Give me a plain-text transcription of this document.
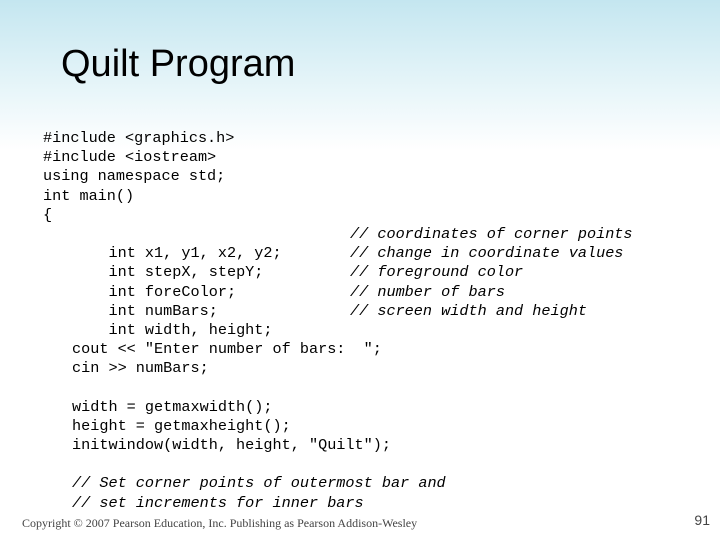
Quilt Program
#include <graphics.h>
#include <iostream>
using namespace std;
int main()
{

int x1, y1, x2, y2;

// coordinates of corner points

int stepX, stepY;

// change in coordinate values

int foreColor;

// foreground color

int numBars;

// number of bars

int width, height;

// screen width and height

cout << "Enter number of bars:  ";
cin >> numBars;
width = getmaxwidth();
height = getmaxheight();
initwindow(width, height, "Quilt");
// Set corner points of outermost bar and
// set increments for inner bars
Copyright © 2007 Pearson Education, Inc. Publishing as Pearson Addison-Wesley	91
